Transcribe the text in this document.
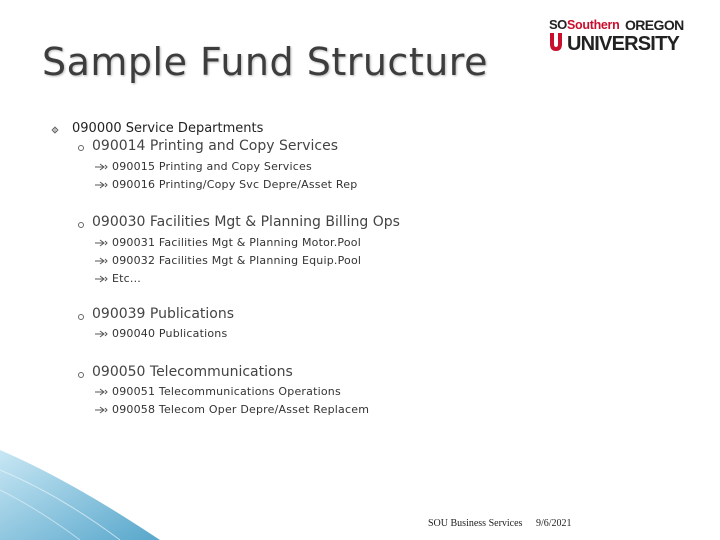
Sample Fund Structure
SO Southern OREGON
UNIVERSITY
090000 Service Departments
090014 Printing and Copy Services
090015 Printing and Copy Services
090016 Printing/Copy Svc Depre/Asset Rep
090030 Facilities Mgt & Planning Billing Ops
090031 Facilities Mgt & Planning Motor.Pool
090032 Facilities Mgt & Planning Equip.Pool
Etc...
090039 Publications
090040 Publications
090050 Telecommunications
090051 Telecommunications Operations
090058 Telecom Oper Depre/Asset Replacem
SOU Business Services 9/6/2021
